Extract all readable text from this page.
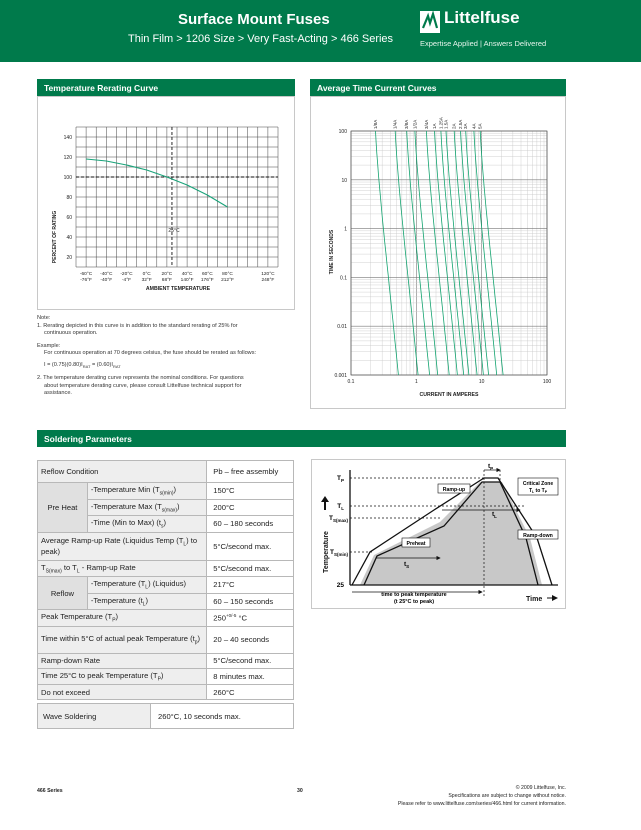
Surface Mount Fuses
Thin Film > 1206 Size > Very Fast-Acting > 466 Series
Littelfuse
Expertise Applied | Answers Delivered
Temperature Rerating Curve
PERCENT OF RATING
AMBIENT TEMPERATURE
25°C
140
120
100
80
60
40
20
-60°C
-76°F
-40°C
-40°F
-20°C
-4°F
0°C
32°F
20°C
68°F
40°C
140°F
60°C
176°F
80°C
212°F
120°C
248°F
Note:
1. Rerating depicted in this curve is in addition to the standard rerating of 25% for
continuous operation.
Example:
For continuous operation at 70 degrees celsius, the fuse should be rerated as follows:
$I = (0.75)(0.80)I_{RAT} = (0.60)I_{RAT}$
2. The temperature derating curve represents the nominal conditions. For questions
about temperature derating curve, please consult Littelfuse technical support for
assistance.
Average Time Current Curves
TIME IN SECONDS
CURRENT IN AMPERES
100
10
1
0.1
0.01
0.001
0.1	1	10	100
1/8A	1/4A 3/8A 1/2A 3/4A 1A 1.25A 1.5A 2A 2.5A 3A 4A 5A
Soldering Parameters
Reflow Condition		Pb – free assembly
Pre Heat	-Temperature Min $(T_{s(min)})$	150°C
	-Temperature Max $(T_{s(max)})$	200°C
	-Time (Min to Max) $(t_s)$	60 – 180 seconds
Average Ramp-up Rate (Liquidus Temp $(T_L)$ to peak)		5°C/second max.
$T_{S(max)}$ to $T_L$ - Ramp-up Rate		5°C/second max.
Reflow	-Temperature $(T_L)$ (Liquidus)	217°C
	-Temperature $(t_L)$	60 – 150 seconds
Peak Temperature $(T_P)$		$250^{+0/-5}$ °C
Time within 5°C of actual peak Temperature $(t_p)$		20 – 40 seconds
Ramp-down Rate		5°C/second max.
Time 25°C to peak Temperature $(T_P)$		8 minutes max.
Do not exceed		260°C
Wave Soldering	260°C, 10 seconds max.
Temperature
Time
$T_P$
$T_L$
$T_{S(max)}$
$T_{S(min)}$
25
$t_P$
$t_L$
$t_S$
Ramp-up
Preheat
Ramp-down
Critical Zone
$T_L$ to $T_P$
time to peak temperature
(t 25°C to peak)
466 Series	30	© 2009 Littelfuse, Inc.
Specifications are subject to change without notice.
Please refer to www.littelfuse.com/series/466.html for current information.
